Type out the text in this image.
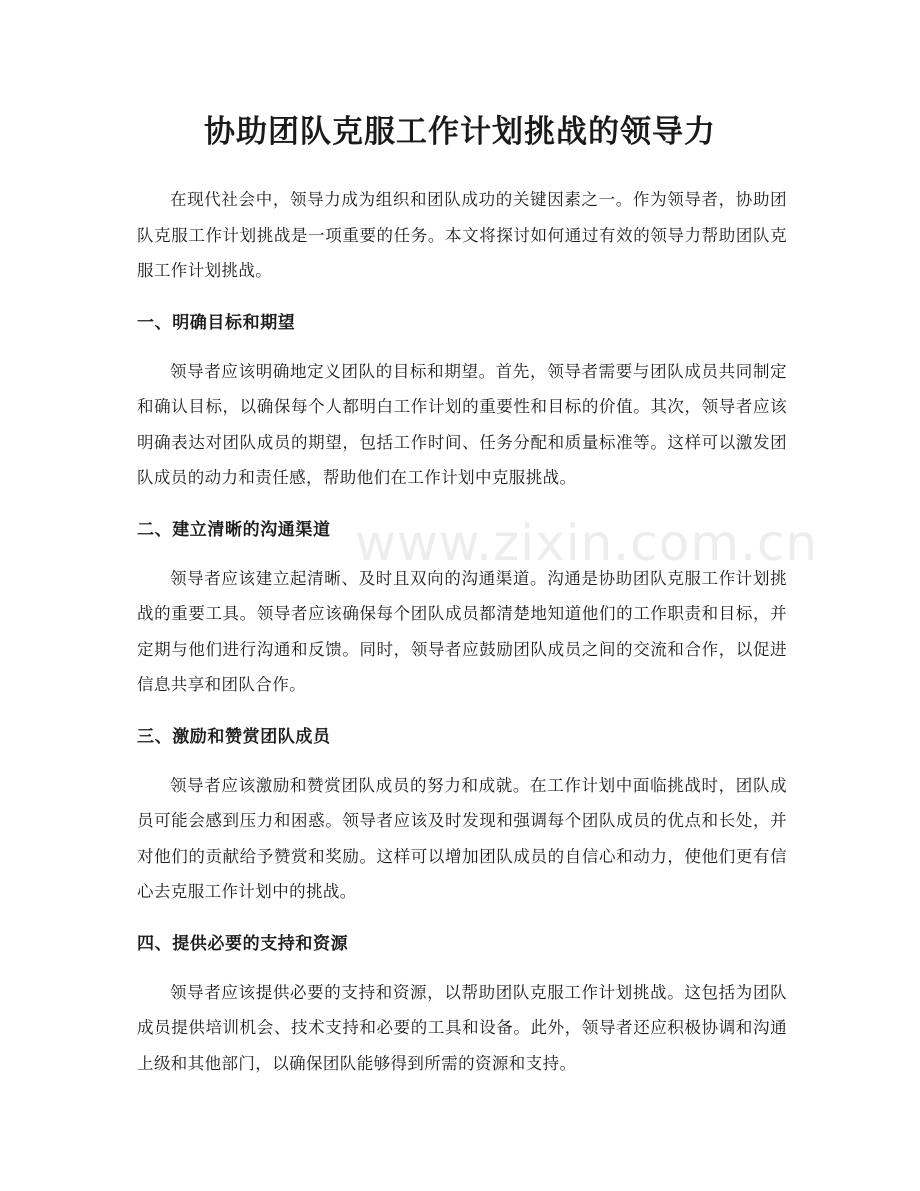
协助团队克服工作计划挑战的领导力

在现代社会中，领导力成为组织和团队成功的关键因素之一。作为领导者，协助团队克服工作计划挑战是一项重要的任务。本文将探讨如何通过有效的领导力帮助团队克服工作计划挑战。

一、明确目标和期望

领导者应该明确地定义团队的目标和期望。首先，领导者需要与团队成员共同制定和确认目标，以确保每个人都明白工作计划的重要性和目标的价值。其次，领导者应该明确表达对团队成员的期望，包括工作时间、任务分配和质量标准等。这样可以激发团队成员的动力和责任感，帮助他们在工作计划中克服挑战。

二、建立清晰的沟通渠道

领导者应该建立起清晰、及时且双向的沟通渠道。沟通是协助团队克服工作计划挑战的重要工具。领导者应该确保每个团队成员都清楚地知道他们的工作职责和目标，并定期与他们进行沟通和反馈。同时，领导者应鼓励团队成员之间的交流和合作，以促进信息共享和团队合作。

三、激励和赞赏团队成员

领导者应该激励和赞赏团队成员的努力和成就。在工作计划中面临挑战时，团队成员可能会感到压力和困惑。领导者应该及时发现和强调每个团队成员的优点和长处，并对他们的贡献给予赞赏和奖励。这样可以增加团队成员的自信心和动力，使他们更有信心去克服工作计划中的挑战。

四、提供必要的支持和资源

领导者应该提供必要的支持和资源，以帮助团队克服工作计划挑战。这包括为团队成员提供培训机会、技术支持和必要的工具和设备。此外，领导者还应积极协调和沟通上级和其他部门，以确保团队能够得到所需的资源和支持。

www.zixin.com.cn
